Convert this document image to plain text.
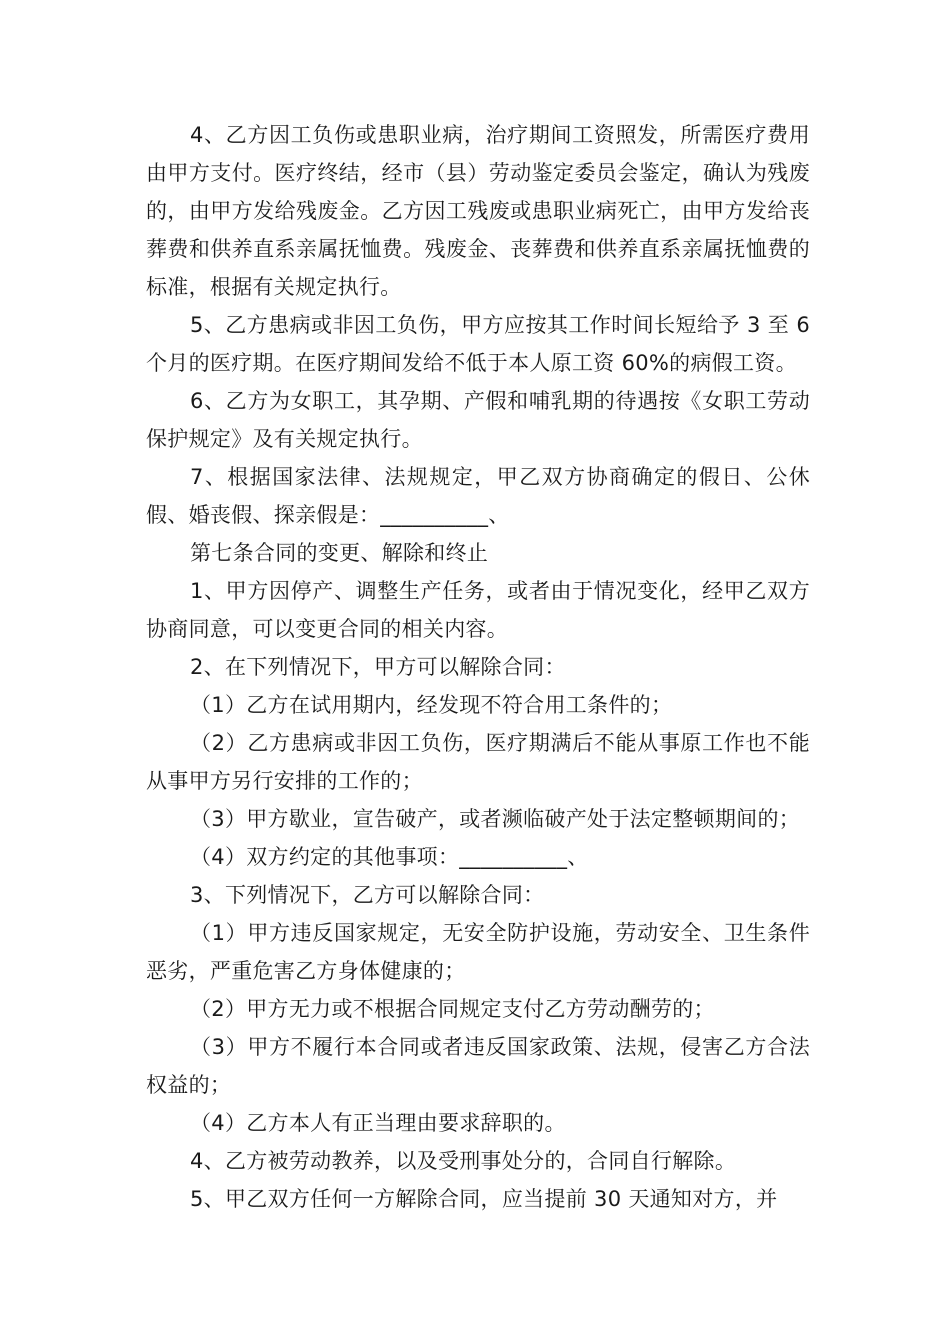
4、乙方因工负伤或患职业病，治疗期间工资照发，所需医疗费用由甲方支付。医疗终结，经市（县）劳动鉴定委员会鉴定，确认为残废的，由甲方发给残废金。乙方因工残废或患职业病死亡，由甲方发给丧葬费和供养直系亲属抚恤费。残废金、丧葬费和供养直系亲属抚恤费的标准，根据有关规定执行。

5、乙方患病或非因工负伤，甲方应按其工作时间长短给予 3 至 6 个月的医疗期。在医疗期间发给不低于本人原工资 60%的病假工资。

6、乙方为女职工，其孕期、产假和哺乳期的待遇按《女职工劳动保护规定》及有关规定执行。

7、根据国家法律、法规规定，甲乙双方协商确定的假日、公休假、婚丧假、探亲假是：__________、

第七条合同的变更、解除和终止

1、甲方因停产、调整生产任务，或者由于情况变化，经甲乙双方协商同意，可以变更合同的相关内容。

2、在下列情况下，甲方可以解除合同：

（1）乙方在试用期内，经发现不符合用工条件的；

（2）乙方患病或非因工负伤，医疗期满后不能从事原工作也不能从事甲方另行安排的工作的；

（3）甲方歇业，宣告破产，或者濒临破产处于法定整顿期间的；

（4）双方约定的其他事项：__________、

3、下列情况下，乙方可以解除合同：

（1）甲方违反国家规定，无安全防护设施，劳动安全、卫生条件恶劣，严重危害乙方身体健康的；

（2）甲方无力或不根据合同规定支付乙方劳动酬劳的；

（3）甲方不履行本合同或者违反国家政策、法规，侵害乙方合法权益的；

（4）乙方本人有正当理由要求辞职的。

4、乙方被劳动教养，以及受刑事处分的，合同自行解除。

5、甲乙双方任何一方解除合同，应当提前 30 天通知对方，并
